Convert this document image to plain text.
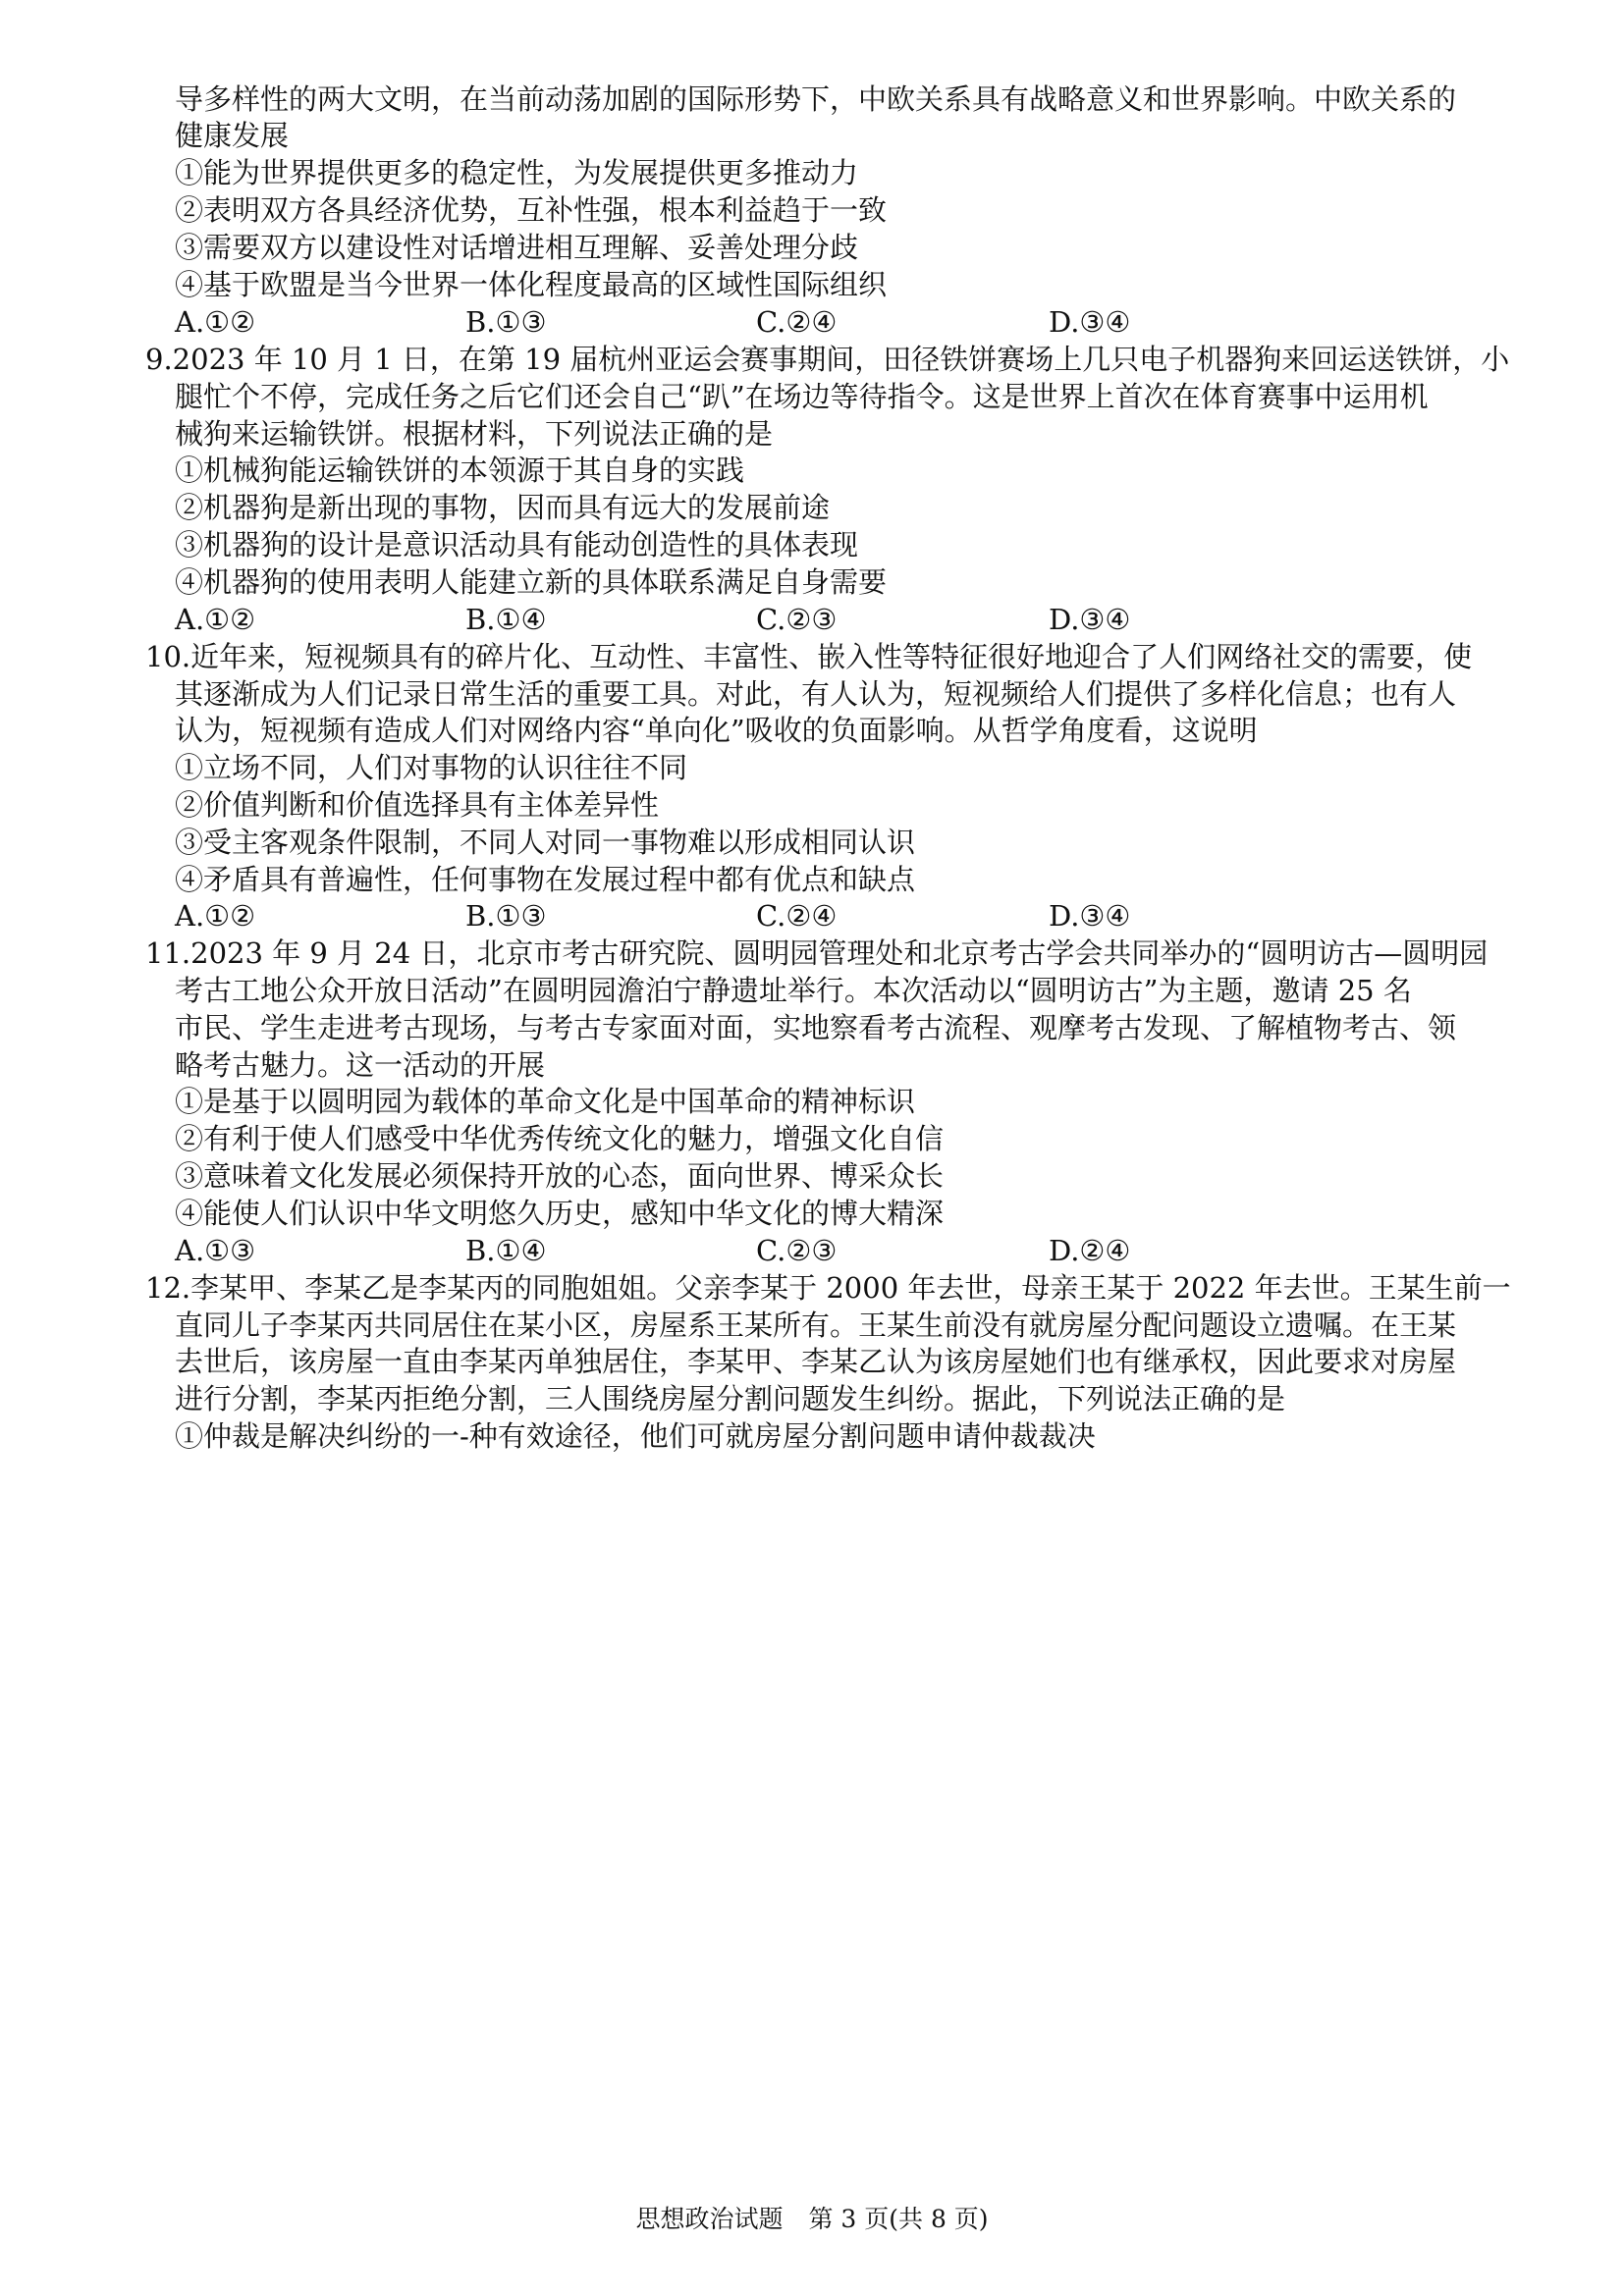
导多样性的两大文明，在当前动荡加剧的国际形势下，中欧关系具有战略意义和世界影响。中欧关系的
健康发展
①能为世界提供更多的稳定性，为发展提供更多推动力
②表明双方各具经济优势，互补性强，根本利益趋于一致
③需要双方以建设性对话增进相互理解、妥善处理分歧
④基于欧盟是当今世界一体化程度最高的区域性国际组织
A.①②	B.①③	C.②④	D.③④
9.2023 年 10 月 1 日，在第 19 届杭州亚运会赛事期间，田径铁饼赛场上几只电子机器狗来回运送铁饼，小
腿忙个不停，完成任务之后它们还会自己“趴”在场边等待指令。这是世界上首次在体育赛事中运用机
械狗来运输铁饼。根据材料，下列说法正确的是
①机械狗能运输铁饼的本领源于其自身的实践
②机器狗是新出现的事物，因而具有远大的发展前途
③机器狗的设计是意识活动具有能动创造性的具体表现
④机器狗的使用表明人能建立新的具体联系满足自身需要
A.①②	B.①④	C.②③	D.③④
10.近年来，短视频具有的碎片化、互动性、丰富性、嵌入性等特征很好地迎合了人们网络社交的需要，使
其逐渐成为人们记录日常生活的重要工具。对此，有人认为，短视频给人们提供了多样化信息；也有人
认为，短视频有造成人们对网络内容“单向化”吸收的负面影响。从哲学角度看，这说明
①立场不同，人们对事物的认识往往不同
②价值判断和价值选择具有主体差异性
③受主客观条件限制，不同人对同一事物难以形成相同认识
④矛盾具有普遍性，任何事物在发展过程中都有优点和缺点
A.①②	B.①③	C.②④	D.③④
11.2023 年 9 月 24 日，北京市考古研究院、圆明园管理处和北京考古学会共同举办的“圆明访古—圆明园
考古工地公众开放日活动”在圆明园澹泊宁静遗址举行。本次活动以“圆明访古”为主题，邀请 25 名
市民、学生走进考古现场，与考古专家面对面，实地察看考古流程、观摩考古发现、了解植物考古、领
略考古魅力。这一活动的开展
①是基于以圆明园为载体的革命文化是中国革命的精神标识
②有利于使人们感受中华优秀传统文化的魅力，增强文化自信
③意味着文化发展必须保持开放的心态，面向世界、博采众长
④能使人们认识中华文明悠久历史，感知中华文化的博大精深
A.①③	B.①④	C.②③	D.②④
12.李某甲、李某乙是李某丙的同胞姐姐。父亲李某于 2000 年去世，母亲王某于 2022 年去世。王某生前一
直同儿子李某丙共同居住在某小区，房屋系王某所有。王某生前没有就房屋分配问题设立遗嘱。在王某
去世后，该房屋一直由李某丙单独居住，李某甲、李某乙认为该房屋她们也有继承权，因此要求对房屋
进行分割，李某丙拒绝分割，三人围绕房屋分割问题发生纠纷。据此，下列说法正确的是
①仲裁是解决纠纷的一-种有效途径，他们可就房屋分割问题申请仲裁裁决
思想政治试题 第 3 页(共 8 页)
